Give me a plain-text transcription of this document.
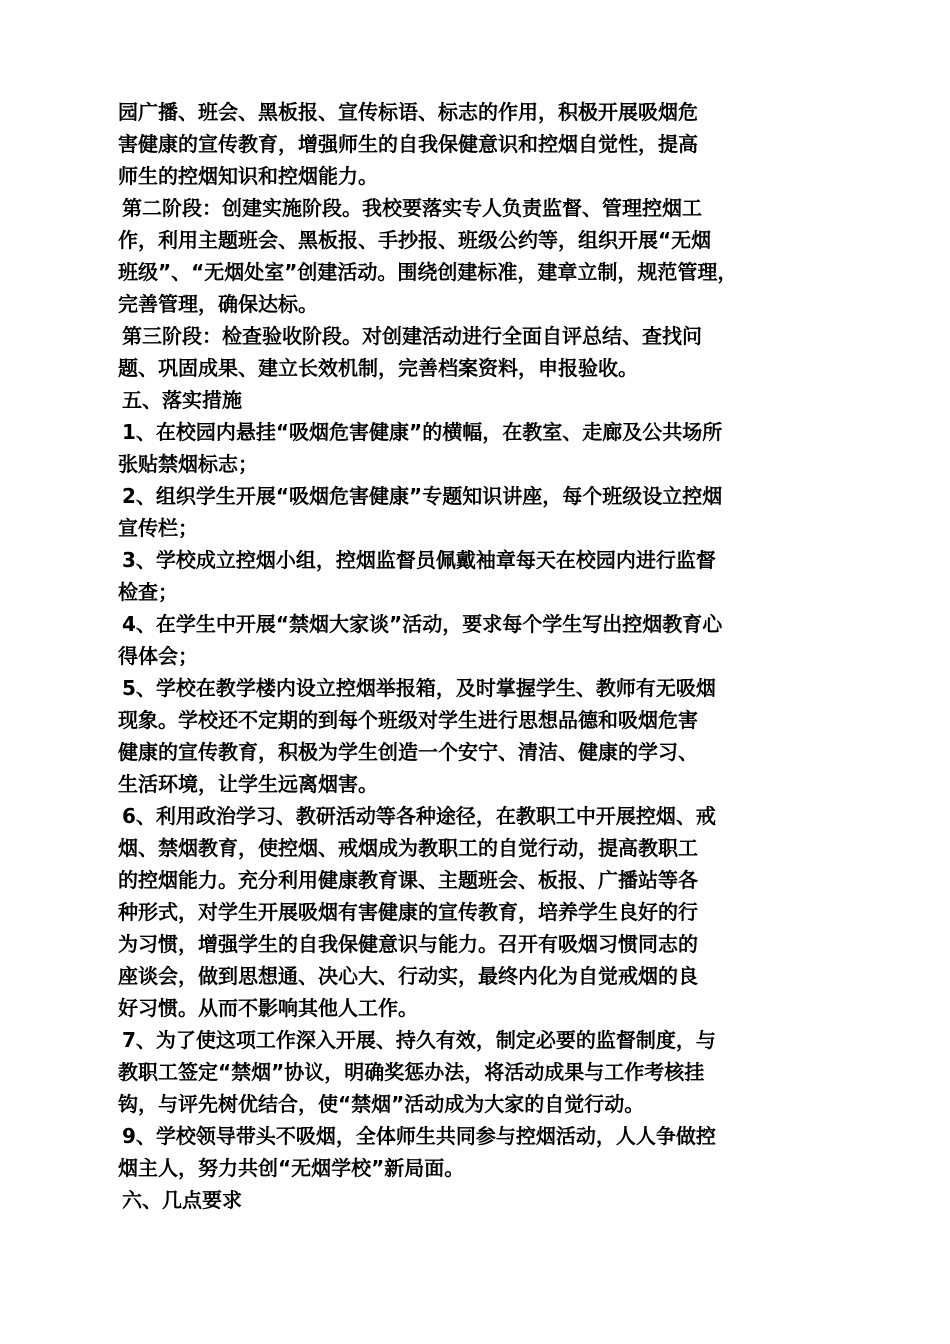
园广播、班会、黑板报、宣传标语、标志的作用，积极开展吸烟危
害健康的宣传教育，增强师生的自我保健意识和控烟自觉性，提高
师生的控烟知识和控烟能力。
第二阶段：创建实施阶段。我校要落实专人负责监督、管理控烟工
作，利用主题班会、黑板报、手抄报、班级公约等，组织开展“无烟
班级”、“无烟处室”创建活动。围绕创建标准，建章立制，规范管理，
完善管理，确保达标。
第三阶段：检查验收阶段。对创建活动进行全面自评总结、查找问
题、巩固成果、建立长效机制，完善档案资料，申报验收。
五、落实措施
1、在校园内悬挂“吸烟危害健康”的横幅，在教室、走廊及公共场所
张贴禁烟标志；
2、组织学生开展“吸烟危害健康”专题知识讲座，每个班级设立控烟
宣传栏；
3、学校成立控烟小组，控烟监督员佩戴袖章每天在校园内进行监督
检查；
4、在学生中开展“禁烟大家谈”活动，要求每个学生写出控烟教育心
得体会；
5、学校在教学楼内设立控烟举报箱，及时掌握学生、教师有无吸烟
现象。学校还不定期的到每个班级对学生进行思想品德和吸烟危害
健康的宣传教育，积极为学生创造一个安宁、清洁、健康的学习、
生活环境，让学生远离烟害。
6、利用政治学习、教研活动等各种途径，在教职工中开展控烟、戒
烟、禁烟教育，使控烟、戒烟成为教职工的自觉行动，提高教职工
的控烟能力。充分利用健康教育课、主题班会、板报、广播站等各
种形式，对学生开展吸烟有害健康的宣传教育，培养学生良好的行
为习惯，增强学生的自我保健意识与能力。召开有吸烟习惯同志的
座谈会，做到思想通、决心大、行动实，最终内化为自觉戒烟的良
好习惯。从而不影响其他人工作。
7、为了使这项工作深入开展、持久有效，制定必要的监督制度，与
教职工签定“禁烟”协议，明确奖惩办法，将活动成果与工作考核挂
钩，与评先树优结合，使“禁烟”活动成为大家的自觉行动。
9、学校领导带头不吸烟，全体师生共同参与控烟活动，人人争做控
烟主人，努力共创“无烟学校”新局面。
六、几点要求
